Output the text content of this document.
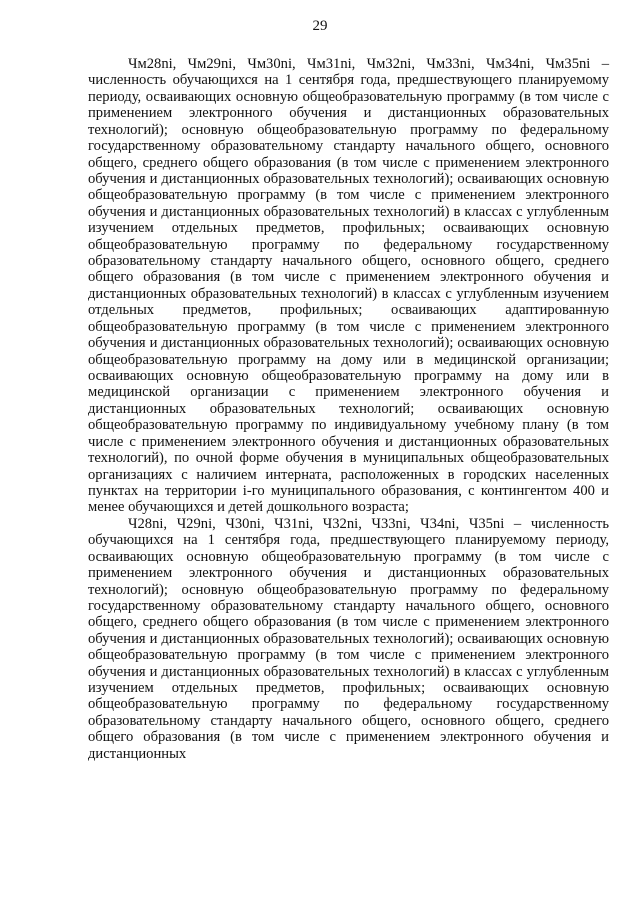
29

Чм28ni, Чм29ni, Чм30ni, Чм31ni, Чм32ni, Чм33ni, Чм34ni, Чм35ni – численность обучающихся на 1 сентября года, предшествующего планируемому периоду, осваивающих основную общеобразовательную программу (в том числе с применением электронного обучения и дистанционных образовательных технологий); основную общеобразовательную программу по федеральному государственному образовательному стандарту начального общего, основного общего, среднего общего образования (в том числе с применением электронного обучения и дистанционных образовательных технологий); осваивающих основную общеобразовательную программу (в том числе с применением электронного обучения и дистанционных образовательных технологий) в классах с углубленным изучением отдельных предметов, профильных; осваивающих основную общеобразовательную программу по федеральному государственному образовательному стандарту начального общего, основного общего, среднего общего образования (в том числе с применением электронного обучения и дистанционных образовательных технологий) в классах с углубленным изучением отдельных предметов, профильных; осваивающих адаптированную общеобразовательную программу (в том числе с применением электронного обучения и дистанционных образовательных технологий); осваивающих основную общеобразовательную программу на дому или в медицинской организации; осваивающих основную общеобразовательную программу на дому или в медицинской организации с применением электронного обучения и дистанционных образовательных технологий; осваивающих основную общеобразовательную программу по индивидуальному учебному плану (в том числе с применением электронного обучения и дистанционных образовательных технологий), по очной форме обучения в муниципальных общеобразовательных организациях с наличием интерната, расположенных в городских населенных пунктах на территории i-го муниципального образования, с контингентом 400 и менее обучающихся и детей дошкольного возраста;

Ч28ni, Ч29ni, Ч30ni, Ч31ni, Ч32ni, Ч33ni, Ч34ni, Ч35ni – численность обучающихся на 1 сентября года, предшествующего планируемому периоду, осваивающих основную общеобразовательную программу (в том числе с применением электронного обучения и дистанционных образовательных технологий); основную общеобразовательную программу по федеральному государственному образовательному стандарту начального общего, основного общего, среднего общего образования (в том числе с применением электронного обучения и дистанционных образовательных технологий); осваивающих основную общеобразовательную программу (в том числе с применением электронного обучения и дистанционных образовательных технологий) в классах с углубленным изучением отдельных предметов, профильных; осваивающих основную общеобразовательную программу по федеральному государственному образовательному стандарту начального общего, основного общего, среднего общего образования (в том числе с применением электронного обучения и дистанционных
